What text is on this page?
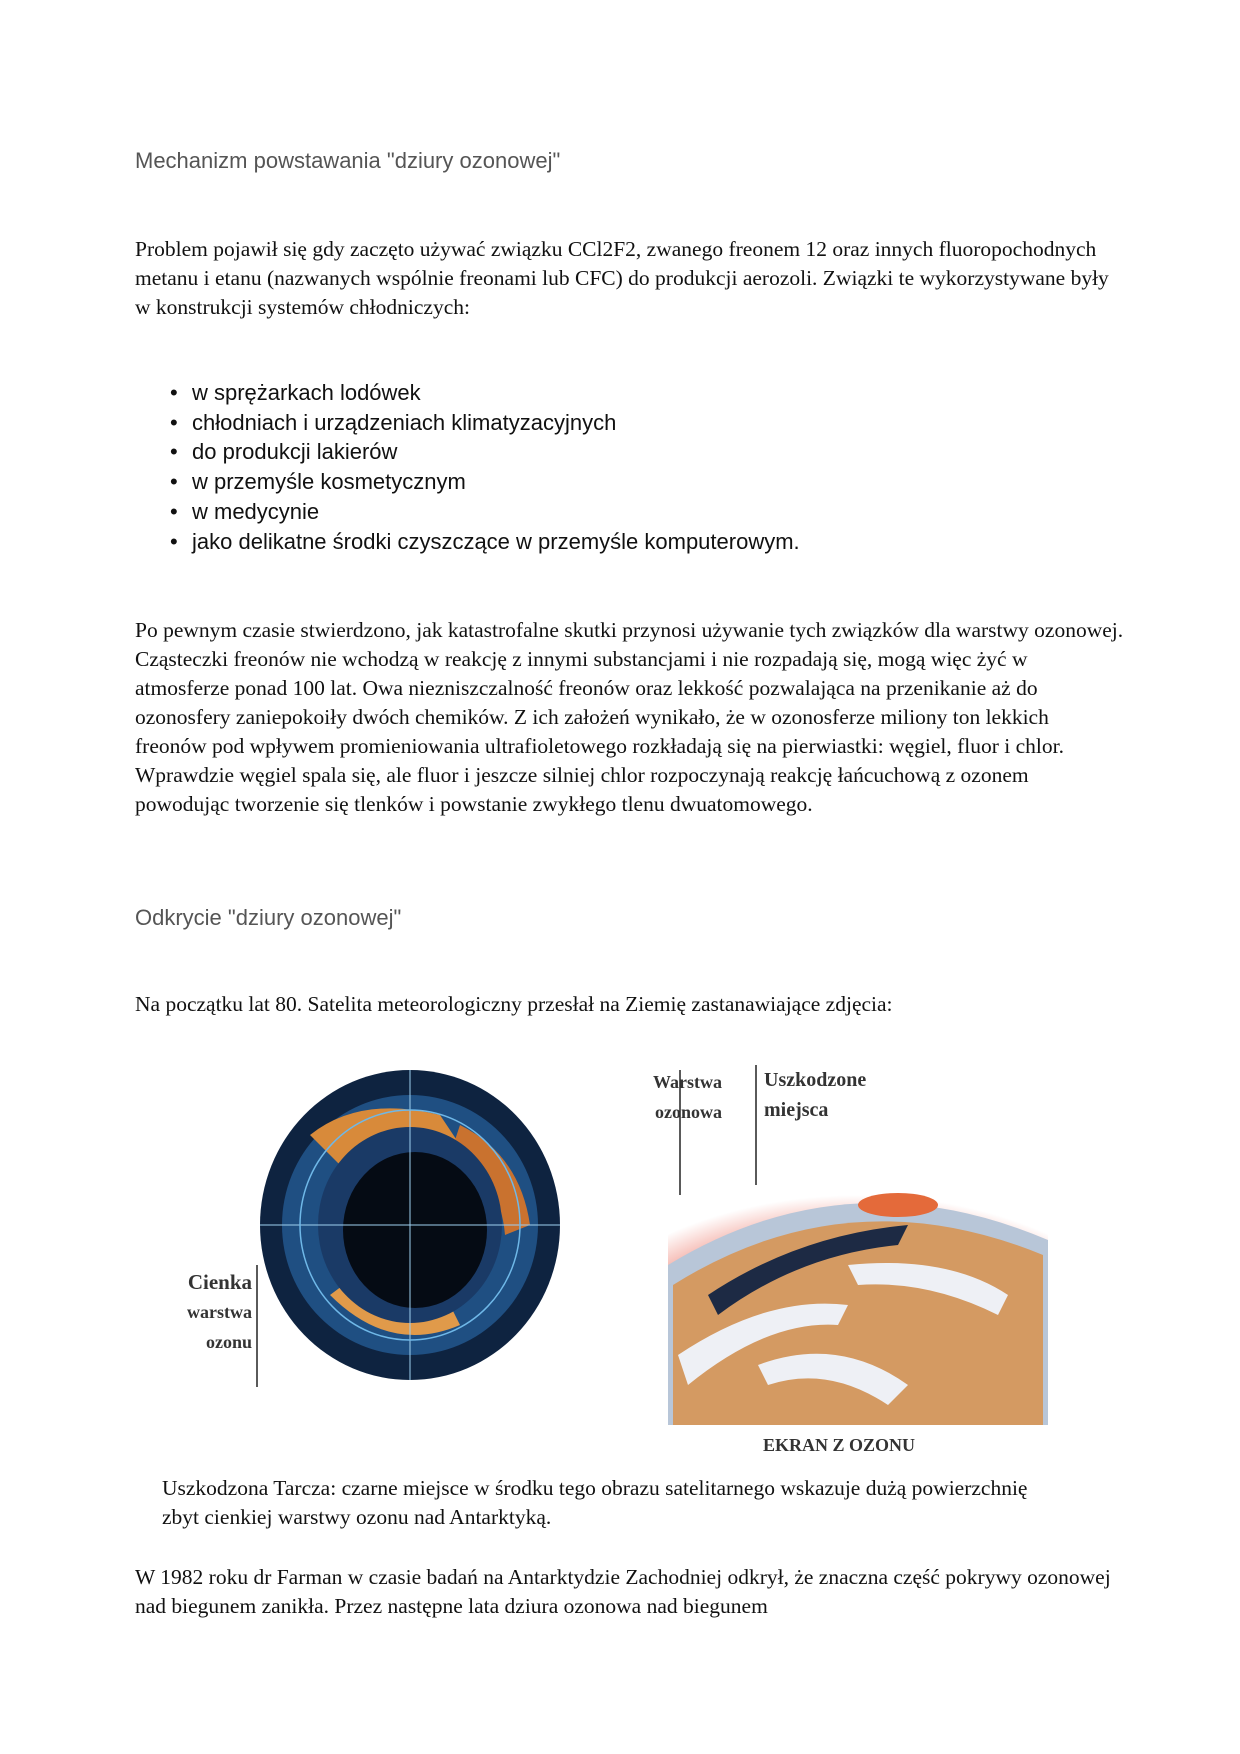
Mechanizm powstawania "dziury ozonowej"

Problem pojawił się gdy zaczęto używać związku CCl2F2, zwanego freonem 12 oraz innych fluoropochodnych metanu i etanu (nazwanych wspólnie freonami lub CFC) do produkcji aerozoli. Związki te wykorzystywane były w konstrukcji systemów chłodniczych:

• w sprężarkach lodówek
• chłodniach i urządzeniach klimatyzacyjnych
• do produkcji lakierów
• w przemyśle kosmetycznym
• w medycynie
• jako delikatne środki czyszczące w przemyśle komputerowym.

Po pewnym czasie stwierdzono, jak katastrofalne skutki przynosi używanie tych związków dla warstwy ozonowej. Cząsteczki freonów nie wchodzą w reakcję z innymi substancjami i nie rozpadają się, mogą więc żyć w atmosferze ponad 100 lat. Owa niezniszczalność freonów oraz lekkość pozwalająca na przenikanie aż do ozonosfery zaniepokoiły dwóch chemików. Z ich założeń wynikało, że w ozonosferze miliony ton lekkich freonów pod wpływem promieniowania ultrafioletowego rozkładają się na pierwiastki: węgiel, fluor i chlor. Wprawdzie węgiel spala się, ale fluor i jeszcze silniej chlor rozpoczynają reakcję łańcuchową z ozonem powodując tworzenie się tlenków i powstanie zwykłego tlenu dwuatomowego.

Odkrycie "dziury ozonowej"

Na początku lat 80. Satelita meteorologiczny przesłał na Ziemię zastanawiające zdjęcia:

Cienka
warstwa
ozonu
Warstwa
ozonowa
Uszkodzone
miejsca
EKRAN Z OZONU

Uszkodzona Tarcza: czarne miejsce w środku tego obrazu satelitarnego wskazuje dużą powierzchnię zbyt cienkiej warstwy ozonu nad Antarktyką.

W 1982 roku dr Farman w czasie badań na Antarktydzie Zachodniej odkrył, że znaczna część pokrywy ozonowej nad biegunem zanikła. Przez następne lata dziura ozonowa nad biegunem
